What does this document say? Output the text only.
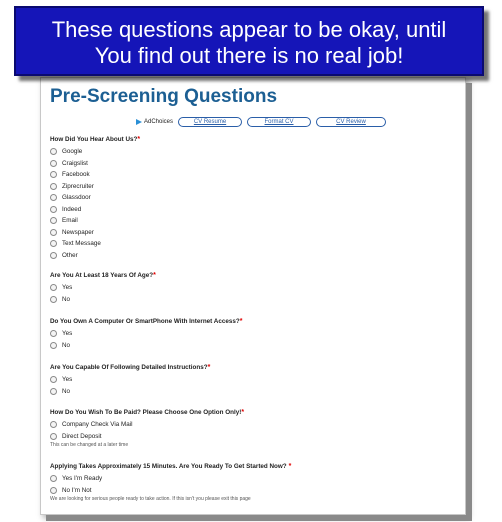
These questions appear to be okay, until
You find out there is no real job!
Pre-Screening Questions
AdChoices	CV Resume	Format CV	CV Review
How Did You Hear About Us?*
Google
Craigslist
Facebook
Ziprecruiter
Glassdoor
Indeed
Email
Newspaper
Text Message
Other
Are You At Least 18 Years Of Age?*
Yes
No
Do You Own A Computer Or SmartPhone With Internet Access?*
Yes
No
Are You Capable Of Following Detailed Instructions?*
Yes
No
How Do You Wish To Be Paid? Please Choose One Option Only!*
Company Check Via Mail
Direct Deposit
This can be changed at a later time
Applying Takes Approximately 15 Minutes. Are You Ready To Get Started Now? *
Yes I'm Ready
No I'm Not
We are looking for serious people ready to take action. If this isn't you please exit this page
